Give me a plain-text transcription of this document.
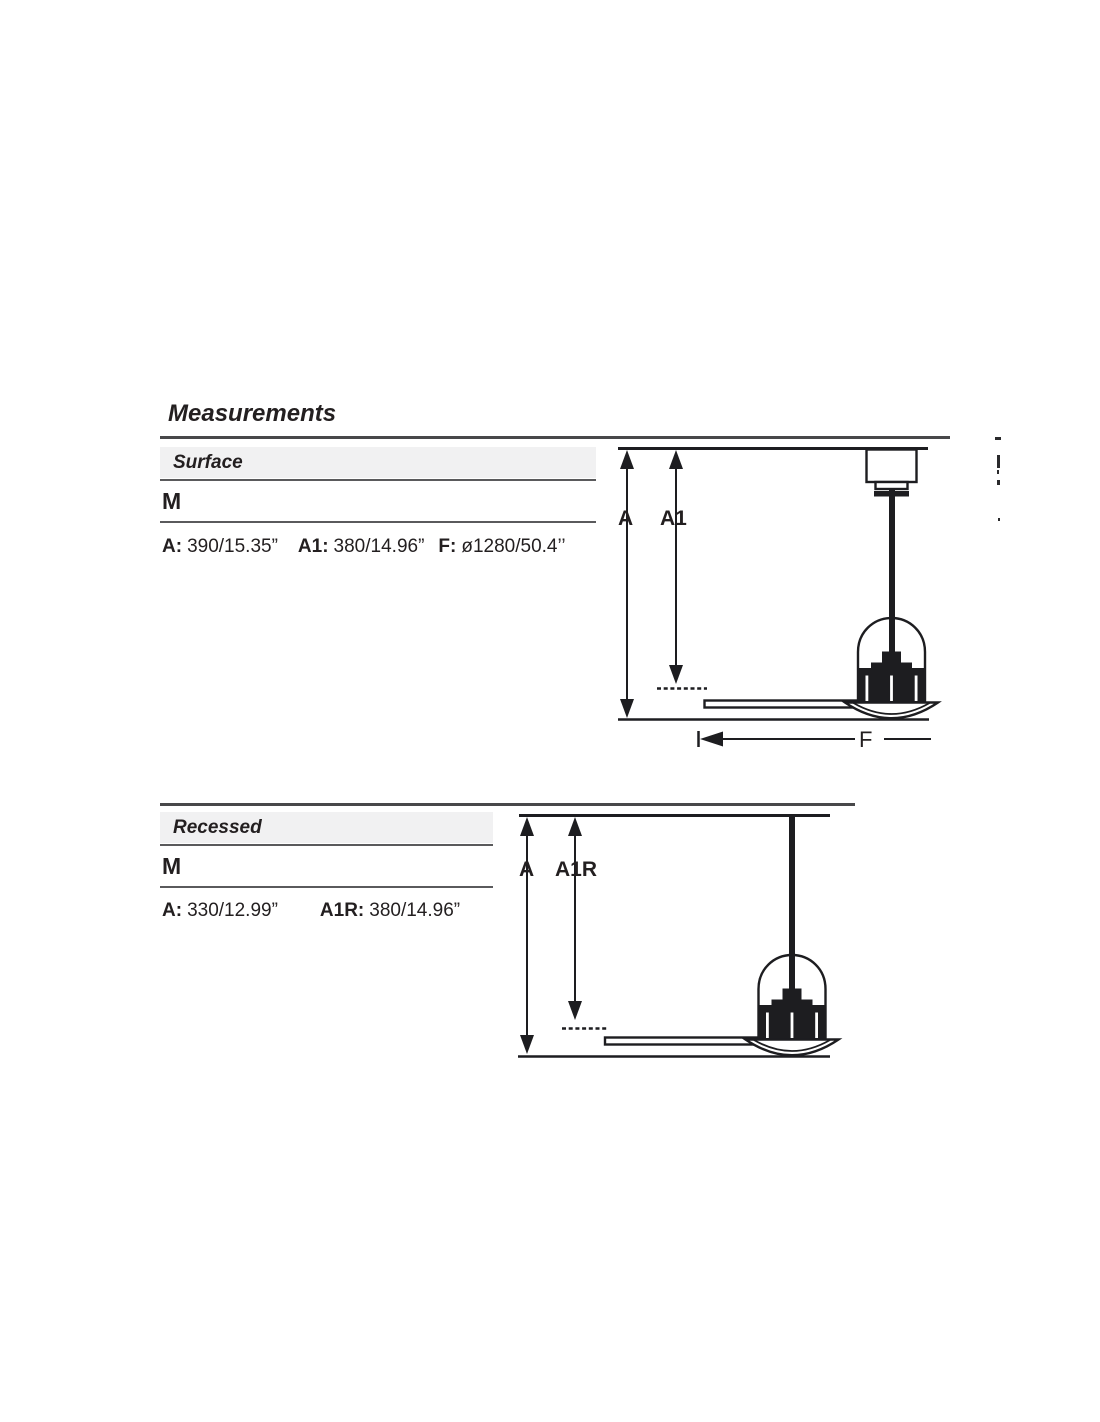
Measurements
Surface
M
A: 390/15.35” A1: 380/14.96” F: ø1280/50.4’’
Recessed
M
A: 330/12.99” A1R: 380/14.96”
A A1
F
A A1R
